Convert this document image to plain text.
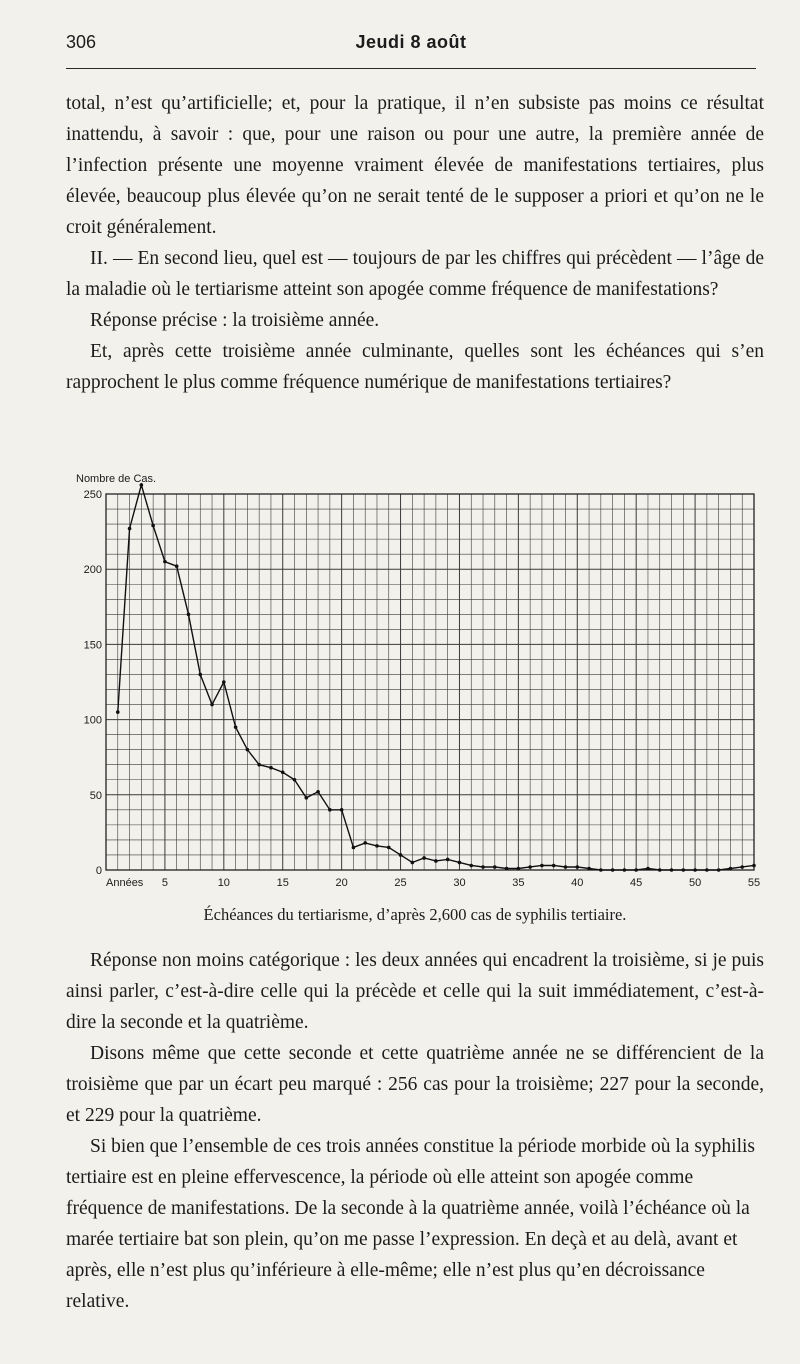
306	Jeudi 8 août

total, n’est qu’artificielle; et, pour la pratique, il n’en subsiste pas moins ce résultat inattendu, à savoir : que, pour une raison ou pour une autre, la première année de l’infection présente une moyenne vraiment élevée de manifestations tertiaires, plus élevée, beaucoup plus élevée qu’on ne serait tenté de le supposer a priori et qu’on ne le croit généralement.

II. — En second lieu, quel est — toujours de par les chiffres qui précèdent — l’âge de la maladie où le tertiarisme atteint son apogée comme fréquence de manifestations?

Réponse précise : la troisième année.

Et, après cette troisième année culminante, quelles sont les échéances qui s’en rapprochent le plus comme fréquence numérique de manifestations tertiaires?

0
50
100
150
200
250
5	10	15	20	25	30	35	40	45	50	55
Nombre de Cas.
Années
Échéances du tertiarisme, d’après 2,600 cas de syphilis tertiaire.

Réponse non moins catégorique : les deux années qui encadrent la troisième, si je puis ainsi parler, c’est-à-dire celle qui la précède et celle qui la suit immédiatement, c’est-à-dire la seconde et la quatrième.

Disons même que cette seconde et cette quatrième année ne se différencient de la troisième que par un écart peu marqué : 256 cas pour la troisième; 227 pour la seconde, et 229 pour la quatrième.

Si bien que l’ensemble de ces trois années constitue la période morbide où la syphilis tertiaire est en pleine effervescence, la période où elle atteint son apogée comme fréquence de manifestations. De la seconde à la quatrième année, voilà l’échéance où la marée tertiaire bat son plein, qu’on me passe l’expression. En deçà et au delà, avant et après, elle n’est plus qu’inférieure à elle-même; elle n’est plus qu’en décroissance relative.
